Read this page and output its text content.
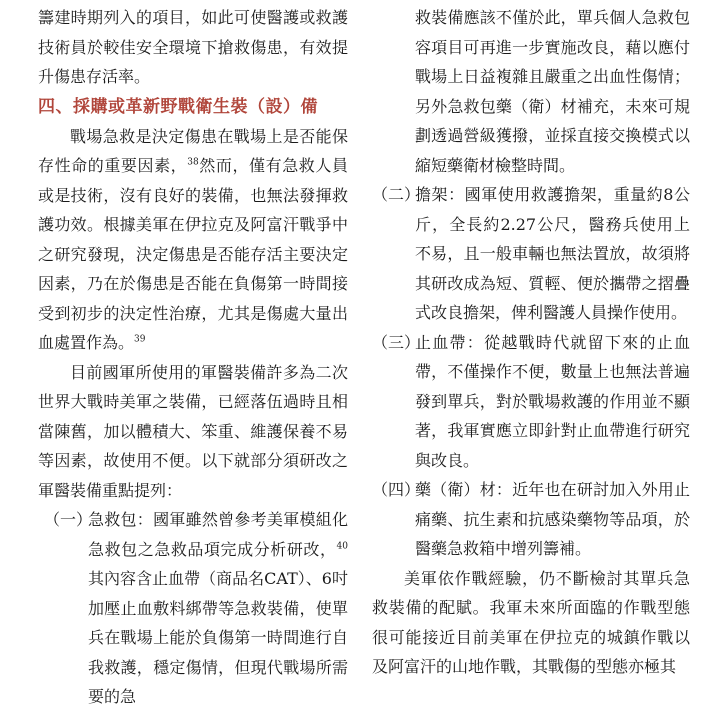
籌建時期列入的項目，如此可使醫護或救護技術員於較佳安全環境下搶救傷患，有效提升傷患存活率。

四、採購或革新野戰衛生裝（設）備

戰場急救是決定傷患在戰場上是否能保存性命的重要因素，$^{38}$然而，僅有急救人員或是技術，沒有良好的裝備，也無法發揮救護功效。根據美軍在伊拉克及阿富汗戰爭中之研究發現，決定傷患是否能存活主要決定因素，乃在於傷患是否能在負傷第一時間接受到初步的決定性治療，尤其是傷處大量出血處置作為。$^{39}$

目前國軍所使用的軍醫裝備許多為二次世界大戰時美軍之裝備，已經落伍過時且相當陳舊，加以體積大、笨重、維護保養不易等因素，故使用不便。以下就部分須研改之軍醫裝備重點提列：

（一）
急救包：國軍雖然曾參考美軍模組化急救包之急救品項完成分析研改，$^{40}$其內容含止血帶（商品名CAT）、6吋加壓止血敷料綁帶等急救裝備，使單兵在戰場上能於負傷第一時間進行自我救護，穩定傷情，但現代戰場所需要的急
救裝備應該不僅於此，單兵個人急救包容項目可再進一步實施改良，藉以應付戰場上日益複雜且嚴重之出血性傷情；另外急救包藥（衛）材補充，未來可規劃透過營級獲撥，並採直接交換模式以縮短藥衛材檢整時間。
（二）
擔架：國軍使用救護擔架，重量約8公斤，全長約2.27公尺，醫務兵使用上不易，且一般車輛也無法置放，故須將其研改成為短、質輕、便於攜帶之摺疊式改良擔架，俾利醫護人員操作使用。
（三）
止血帶：從越戰時代就留下來的止血帶，不僅操作不便，數量上也無法普遍發到單兵，對於戰場救護的作用並不顯著，我軍實應立即針對止血帶進行研究與改良。
（四）
藥（衛）材：近年也在研討加入外用止痛藥、抗生素和抗感染藥物等品項，於醫藥急救箱中增列籌補。

美軍依作戰經驗，仍不斷檢討其單兵急救裝備的配賦。我軍未來所面臨的作戰型態很可能接近目前美軍在伊拉克的城鎮作戰以及阿富汗的山地作戰，其戰傷的型態亦極其
